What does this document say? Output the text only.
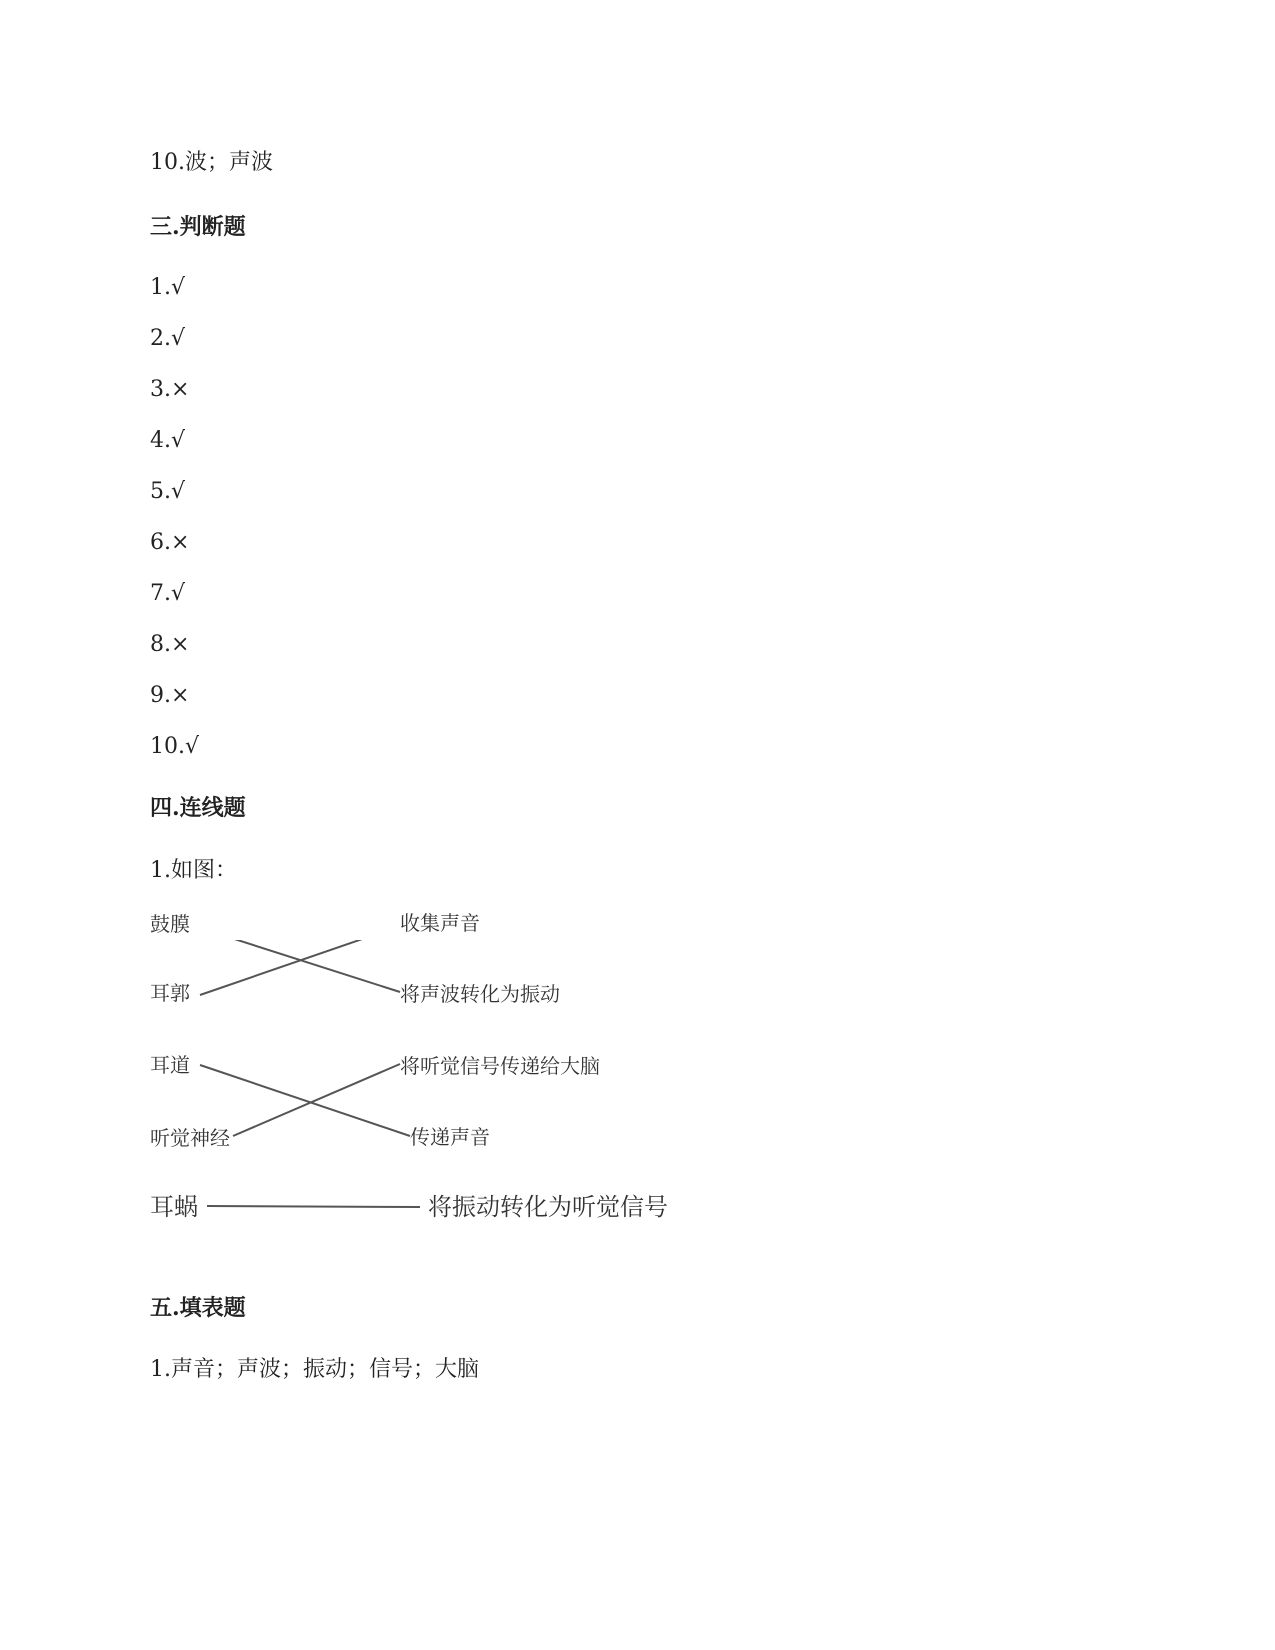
10.波；声波
三.判断题
1.√
2.√
3.×
4.√
5.√
6.×
7.√
8.×
9.×
10.√
四.连线题
1.如图：
鼓膜
耳郭
耳道
听觉神经
耳蜗
收集声音
将声波转化为振动
将听觉信号传递给大脑
传递声音
将振动转化为听觉信号
五.填表题
1.声音；声波；振动；信号；大脑
